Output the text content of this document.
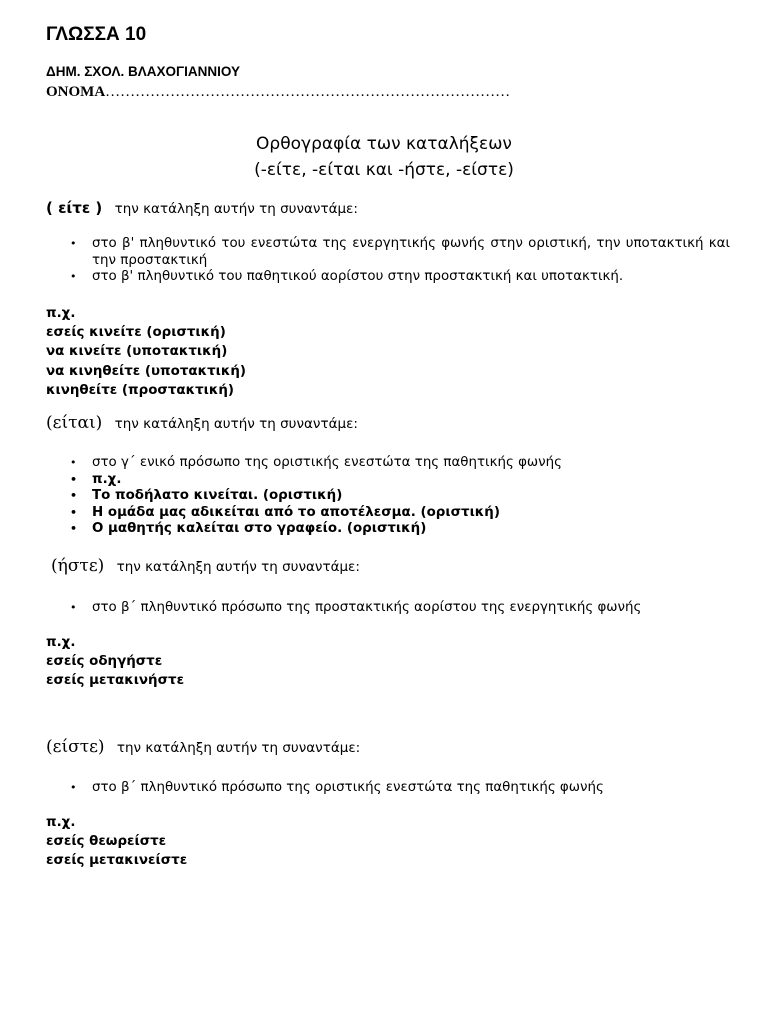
ΓΛΩΣΣΑ 10
ΔΗΜ. ΣΧΟΛ. ΒΛΑΧΟΓΙΑΝΝΙΟΥ
ΟΝΟΜΑ………………………………………………………………………
Ορθογραφία των καταλήξεων
(-είτε, -είται και -ήστε, -είστε)
( είτε ) την κατάληξη αυτήν τη συναντάμε:
• στο β' πληθυντικό του ενεστώτα της ενεργητικής φωνής στην οριστική, την υποτακτική και την προστακτική
• στο β' πληθυντικό του παθητικού αορίστου στην προστακτική και υποτακτική.
π.χ.
εσείς κινείτε (οριστική)
να κινείτε (υποτακτική)
να κινηθείτε (υποτακτική)
κινηθείτε (προστακτική)
(είται) την κατάληξη αυτήν τη συναντάμε:
• στο γ΄ ενικό πρόσωπο της οριστικής ενεστώτα της παθητικής φωνής
• π.χ.
• Το ποδήλατο κινείται. (οριστική)
• Η ομάδα μας αδικείται από το αποτέλεσμα. (οριστική)
• Ο μαθητής καλείται στο γραφείο. (οριστική)
(ήστε) την κατάληξη αυτήν τη συναντάμε:
• στο β΄ πληθυντικό πρόσωπο της προστακτικής αορίστου της ενεργητικής φωνής
π.χ.
εσείς οδηγήστε
εσείς μετακινήστε
(είστε) την κατάληξη αυτήν τη συναντάμε:
• στο β΄ πληθυντικό πρόσωπο της οριστικής ενεστώτα της παθητικής φωνής
π.χ.
εσείς θεωρείστε
εσείς μετακινείστε
